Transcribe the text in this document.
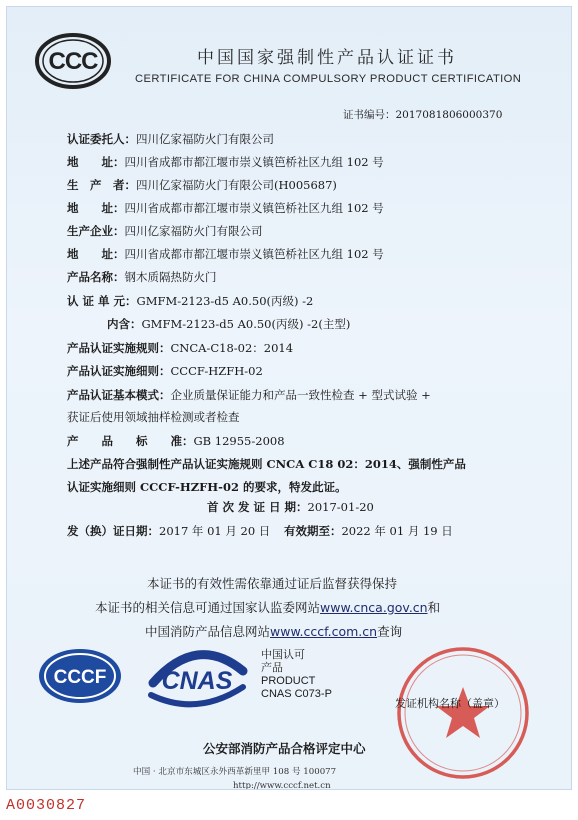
CCC	中国国家强制性产品认证证书
CERTIFICATE FOR CHINA COMPULSORY PRODUCT CERTIFICATION
证书编号：2017081806000370
认证委托人：四川亿家福防火门有限公司
地　　址：四川省成都市都江堰市崇义镇笆桥社区九组 102 号
生　产　者：四川亿家福防火门有限公司(H005687)
地　　址：四川省成都市都江堰市崇义镇笆桥社区九组 102 号
生产企业：四川亿家福防火门有限公司
地　　址：四川省成都市都江堰市崇义镇笆桥社区九组 102 号
产品名称：钢木质隔热防火门
认 证 单 元：GMFM-2123-d5 A0.50(丙级) -2
内含：GMFM-2123-d5 A0.50(丙级) -2(主型)
产品认证实施规则：CNCA-C18-02：2014
产品认证实施细则：CCCF-HZFH-02
产品认证基本模式：企业质量保证能力和产品一致性检查 + 型式试验 +
获证后使用领域抽样检测或者检查
产　　品　　标　　准：GB 12955-2008
上述产品符合强制性产品认证实施规则 CNCA C18 02：2014、强制性产品
认证实施细则 CCCF-HZFH-02 的要求，特发此证。
首 次 发 证 日 期：2017-01-20
发（换）证日期：2017 年 01 月 20 日 有效期至：2022 年 01 月 19 日
本证书的有效性需依靠通过证后监督获得保持
本证书的相关信息可通过国家认监委网站www.cnca.gov.cn和
中国消防产品信息网站www.cccf.com.cn查询
CCCF CNAS
中国认可
产品
PRODUCT
CNAS C073-P
发证机构名称（盖章）
公安部消防产品合格评定中心
中国 · 北京市东城区永外西革新里甲 108 号 100077
http://www.cccf.net.cn
A0030827
